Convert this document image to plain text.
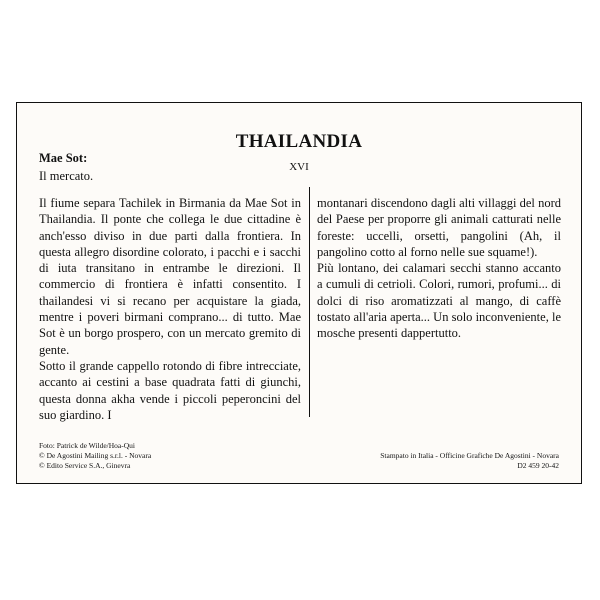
THAILANDIA
XVI
Mae Sot:
Il mercato.

Il fiume separa Tachilek in Birmania da Mae Sot in Thailandia. Il ponte che collega le due cittadine è anch'esso diviso in due parti dalla frontiera. In questa allegro disordine colorato, i pacchi e i sacchi di iuta transitano in entrambe le direzioni. Il commercio di frontiera è infatti consentito. I thailandesi vi si recano per acquistare la giada, mentre i poveri birmani comprano... di tutto. Mae Sot è un borgo prospero, con un mercato gremito di gente.

Sotto il grande cappello rotondo di fibre intrecciate, accanto ai cestini a base quadrata fatti di giunchi, questa donna akha vende i piccoli peperoncini del suo giardino. I

montanari discendono dagli alti villaggi del nord del Paese per proporre gli animali catturati nelle foreste: uccelli, orsetti, pangolini (Ah, il pangolino cotto al forno nelle sue squame!).

Più lontano, dei calamari secchi stanno accanto a cumuli di cetrioli. Colori, rumori, profumi... di dolci di riso aromatizzati al mango, di caffè tostato all'aria aperta... Un solo inconveniente, le mosche presenti dappertutto.

Foto: Patrick de Wilde/Hoa-Qui
© De Agostini Mailing s.r.l. - Novara
© Edito Service S.A., Ginevra
Stampato in Italia - Officine Grafiche De Agostini - Novara
D2 459 20-42
